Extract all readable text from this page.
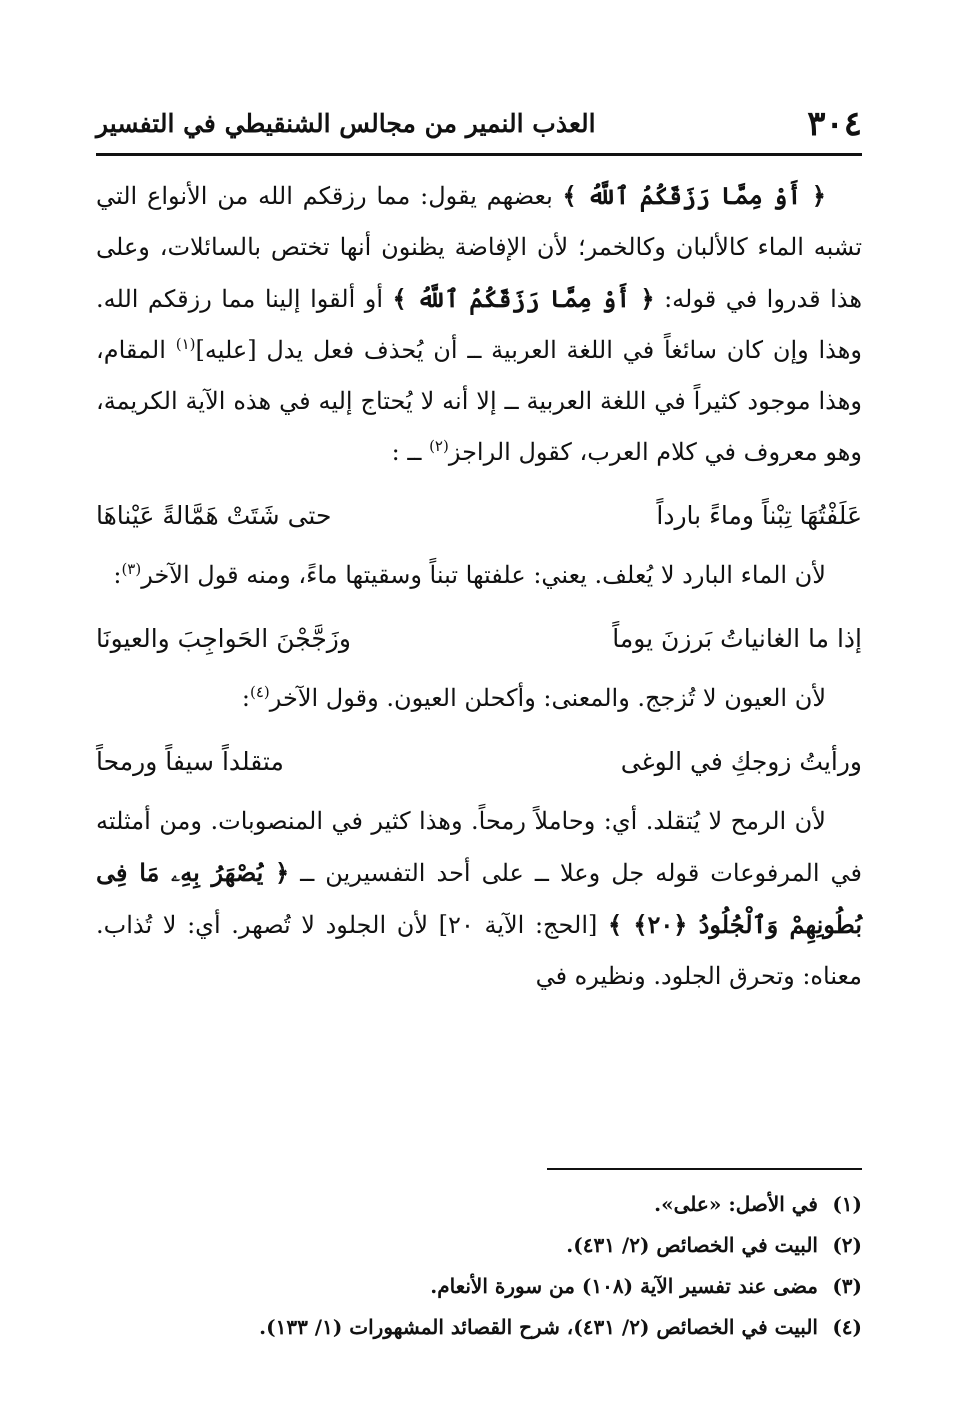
٣٠٤
العذب النمير من مجالس الشنقيطي في التفسير

﴿ أَوْ مِمَّا رَزَقَكُمُ ٱللَّهُ ﴾ بعضهم يقول: مما رزقكم الله من الأنواع التي تشبه الماء كالألبان وكالخمر؛ لأن الإفاضة يظنون أنها تختص بالسائلات، وعلى هذا قدروا في قوله: ﴿ أَوْ مِمَّا رَزَقَكُمُ ٱللَّهُ ﴾ أو ألقوا إلينا مما رزقكم الله. وهذا وإن كان سائغاً في اللغة العربية ــ أن يُحذف فعل يدل [عليه]$^{(١)}$ المقام، وهذا موجود كثيراً في اللغة العربية ــ إلا أنه لا يُحتاج إليه في هذه الآية الكريمة، وهو معروف في كلام العرب، كقول الراجز$^{(٢)}$ ــ :

عَلَفْتُهَا تِبْناً وماءً بارداً
حتى شَتَتْ هَمَّالةً عَيْناهَا

لأن الماء البارد لا يُعلف. يعني: علفتها تبناً وسقيتها ماءً، ومنه قول الآخر$^{(٣)}$:

إذا ما الغانياتُ بَرزنَ يوماً
وزَجَّجْنَ الحَواجِبَ والعيونَا

لأن العيون لا تُزجج. والمعنى: وأكحلن العيون. وقول الآخر$^{(٤)}$:

ورأيتُ زوجكِ في الوغى
متقلداً سيفاً ورمحاً

لأن الرمح لا يُتقلد. أي: وحاملاً رمحاً. وهذا كثير في المنصوبات. ومن أمثلته في المرفوعات قوله جل وعلا ــ على أحد التفسيرين ــ ﴿ يُصْهَرُ بِهِۦ مَا فِى بُطُونِهِمْ وَٱلْجُلُودُ ﴿٢٠﴾ ﴾ [الحج: الآية ٢٠] لأن الجلود لا تُصهر. أي: لا تُذاب. معناه: وتحرق الجلود. ونظيره في

(١)في الأصل: «على».
(٢)البيت في الخصائص (٢/ ٤٣١).
(٣)مضى عند تفسير الآية (١٠٨) من سورة الأنعام.
(٤)البيت في الخصائص (٢/ ٤٣١)، شرح القصائد المشهورات (١/ ١٣٣).
